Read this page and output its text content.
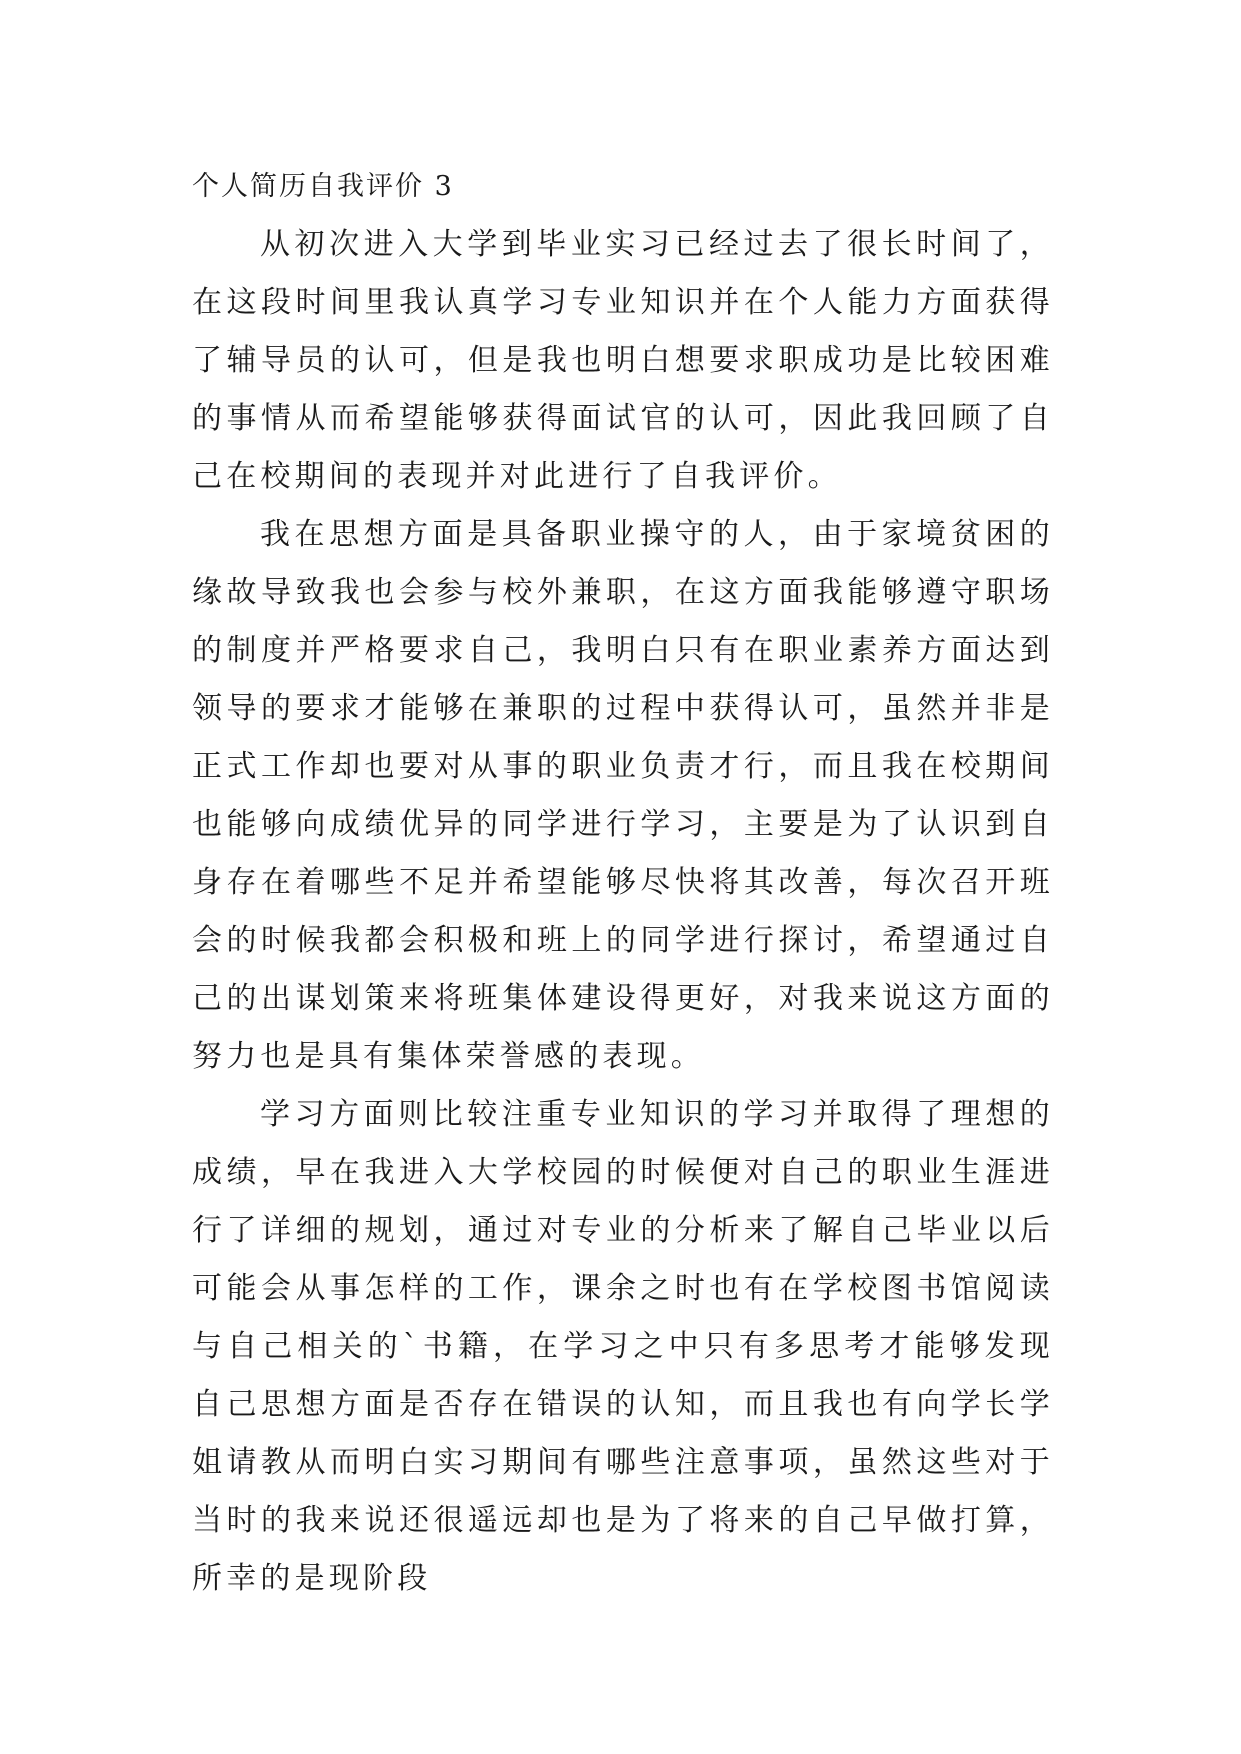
个人简历自我评价 3

从初次进入大学到毕业实习已经过去了很长时间了，在这段时间里我认真学习专业知识并在个人能力方面获得了辅导员的认可，但是我也明白想要求职成功是比较困难的事情从而希望能够获得面试官的认可，因此我回顾了自己在校期间的表现并对此进行了自我评价。

我在思想方面是具备职业操守的人，由于家境贫困的缘故导致我也会参与校外兼职，在这方面我能够遵守职场的制度并严格要求自己，我明白只有在职业素养方面达到领导的要求才能够在兼职的过程中获得认可，虽然并非是正式工作却也要对从事的职业负责才行，而且我在校期间也能够向成绩优异的同学进行学习，主要是为了认识到自身存在着哪些不足并希望能够尽快将其改善，每次召开班会的时候我都会积极和班上的同学进行探讨，希望通过自己的出谋划策来将班集体建设得更好，对我来说这方面的努力也是具有集体荣誉感的表现。

学习方面则比较注重专业知识的学习并取得了理想的成绩，早在我进入大学校园的时候便对自己的职业生涯进行了详细的规划，通过对专业的分析来了解自己毕业以后可能会从事怎样的工作，课余之时也有在学校图书馆阅读与自己相关的`书籍，在学习之中只有多思考才能够发现自己思想方面是否存在错误的认知，而且我也有向学长学姐请教从而明白实习期间有哪些注意事项，虽然这些对于当时的我来说还很遥远却也是为了将来的自己早做打算，所幸的是现阶段
